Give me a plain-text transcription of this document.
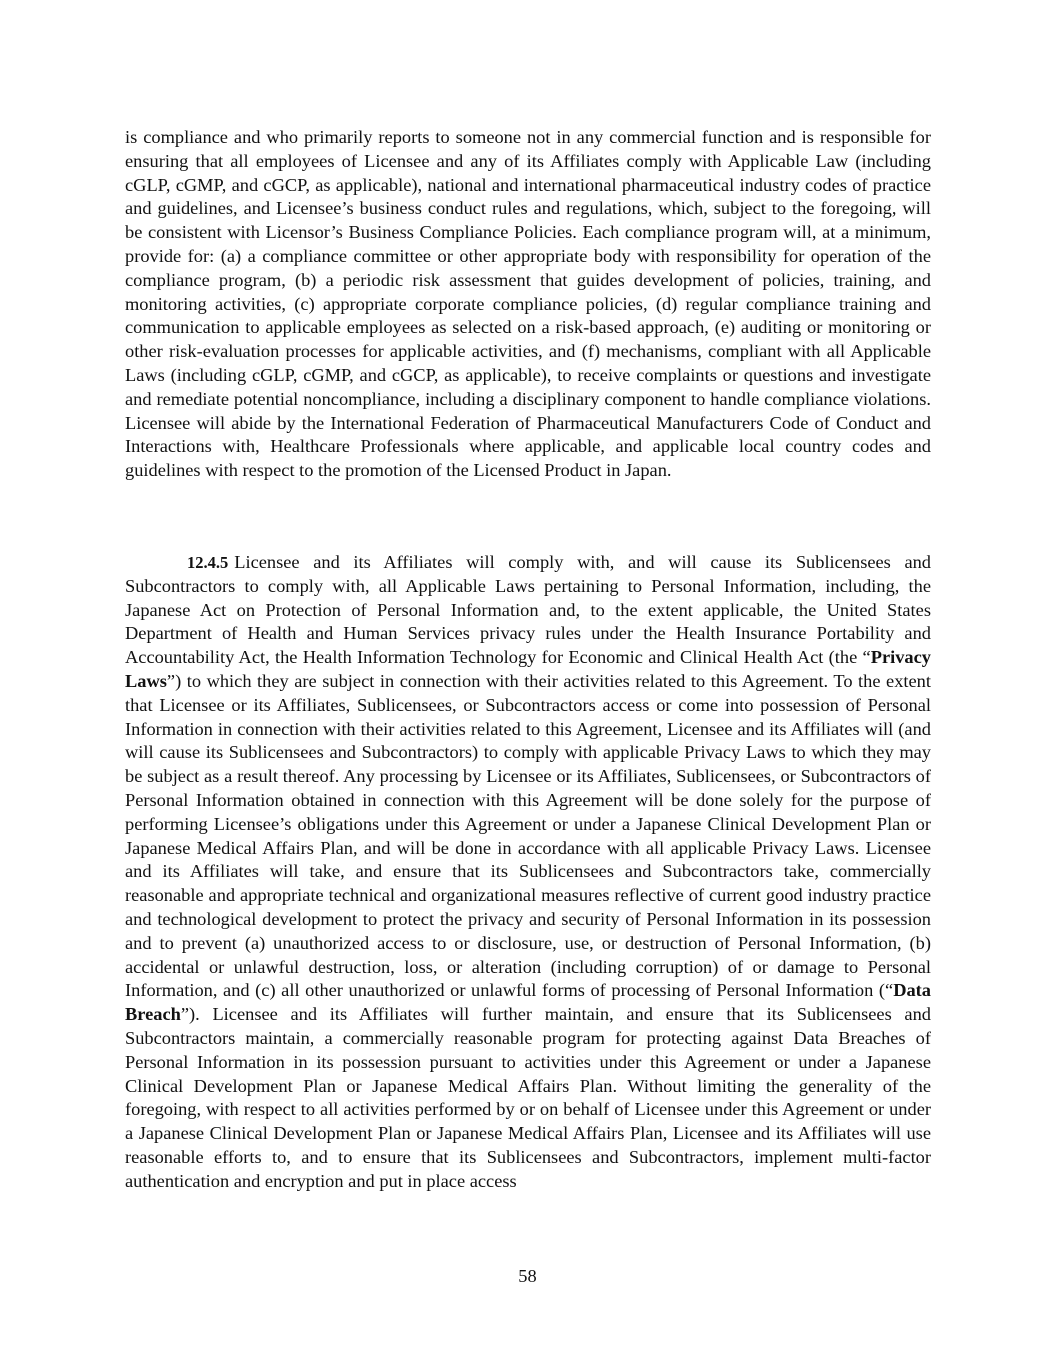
is compliance and who primarily reports to someone not in any commercial function and is responsible for ensuring that all employees of Licensee and any of its Affiliates comply with Applicable Law (including cGLP, cGMP, and cGCP, as applicable), national and international pharmaceutical industry codes of practice and guidelines, and Licensee’s business conduct rules and regulations, which, subject to the foregoing, will be consistent with Licensor’s Business Compliance Policies. Each compliance program will, at a minimum, provide for: (a) a compliance committee or other appropriate body with responsibility for operation of the compliance program, (b) a periodic risk assessment that guides development of policies, training, and monitoring activities, (c) appropriate corporate compliance policies, (d) regular compliance training and communication to applicable employees as selected on a risk-based approach, (e) auditing or monitoring or other risk-evaluation processes for applicable activities, and (f) mechanisms, compliant with all Applicable Laws (including cGLP, cGMP, and cGCP, as applicable), to receive complaints or questions and investigate and remediate potential noncompliance, including a disciplinary component to handle compliance violations. Licensee will abide by the International Federation of Pharmaceutical Manufacturers Code of Conduct and Interactions with, Healthcare Professionals where applicable, and applicable local country codes and guidelines with respect to the promotion of the Licensed Product in Japan.

12.4.5 Licensee and its Affiliates will comply with, and will cause its Sublicensees and Subcontractors to comply with, all Applicable Laws pertaining to Personal Information, including, the Japanese Act on Protection of Personal Information and, to the extent applicable, the United States Department of Health and Human Services privacy rules under the Health Insurance Portability and Accountability Act, the Health Information Technology for Economic and Clinical Health Act (the “Privacy Laws”) to which they are subject in connection with their activities related to this Agreement. To the extent that Licensee or its Affiliates, Sublicensees, or Subcontractors access or come into possession of Personal Information in connection with their activities related to this Agreement, Licensee and its Affiliates will (and will cause its Sublicensees and Subcontractors) to comply with applicable Privacy Laws to which they may be subject as a result thereof. Any processing by Licensee or its Affiliates, Sublicensees, or Subcontractors of Personal Information obtained in connection with this Agreement will be done solely for the purpose of performing Licensee’s obligations under this Agreement or under a Japanese Clinical Development Plan or Japanese Medical Affairs Plan, and will be done in accordance with all applicable Privacy Laws. Licensee and its Affiliates will take, and ensure that its Sublicensees and Subcontractors take, commercially reasonable and appropriate technical and organizational measures reflective of current good industry practice and technological development to protect the privacy and security of Personal Information in its possession and to prevent (a) unauthorized access to or disclosure, use, or destruction of Personal Information, (b) accidental or unlawful destruction, loss, or alteration (including corruption) of or damage to Personal Information, and (c) all other unauthorized or unlawful forms of processing of Personal Information (“Data Breach”). Licensee and its Affiliates will further maintain, and ensure that its Sublicensees and Subcontractors maintain, a commercially reasonable program for protecting against Data Breaches of Personal Information in its possession pursuant to activities under this Agreement or under a Japanese Clinical Development Plan or Japanese Medical Affairs Plan. Without limiting the generality of the foregoing, with respect to all activities performed by or on behalf of Licensee under this Agreement or under a Japanese Clinical Development Plan or Japanese Medical Affairs Plan, Licensee and its Affiliates will use reasonable efforts to, and to ensure that its Sublicensees and Subcontractors, implement multi-factor authentication and encryption and put in place access

58
